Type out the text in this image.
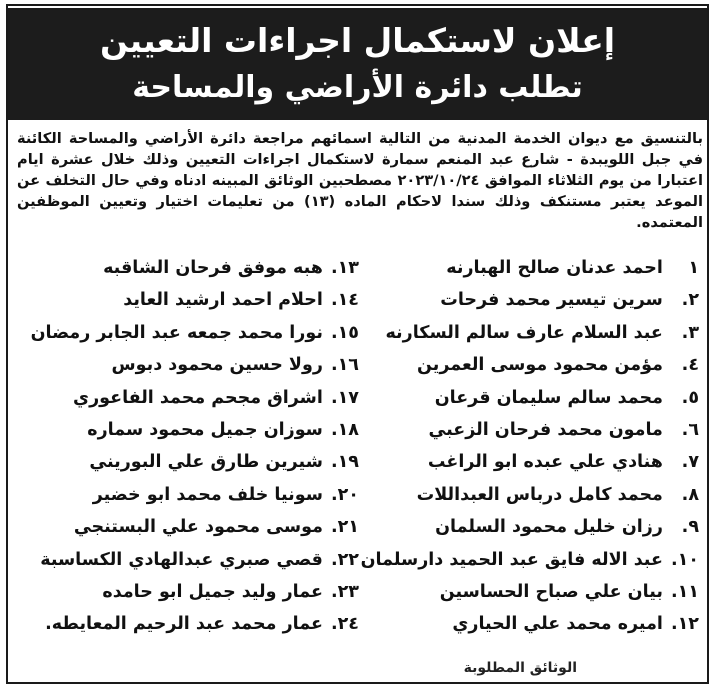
إعلان لاستكمال اجراءات التعيين
تطلب دائرة الأراضي والمساحة

بالتنسيق مع ديوان الخدمة المدنية من التالية اسمائهم مراجعة دائرة الأراضي والمساحة الكائنة في جبل اللويبدة - شارع عبد المنعم سمارة لاستكمال اجراءات التعيين وذلك خلال عشرة ايام اعتبارا من يوم الثلاثاء الموافق ٢٠٢٣/١٠/٢٤ مصطحبين الوثائق المبينه ادناه وفي حال التخلف عن الموعد يعتبر مستنكف وذلك سندا لاحكام الماده (١٣) من تعليمات اختيار وتعيين الموظفين المعتمده.

١ احمد عدنان صالح الهبارنه
٢. سرين تيسير محمد فرحات
٣. عبد السلام عارف سالم السكارنه
٤. مؤمن محمود موسى العمرين
٥. محمد سالم سليمان قرعان
٦. مامون محمد فرحان الزعبي
٧. هنادي علي عبده ابو الراغب
٨. محمد كامل درباس العبداللات
٩. رزان خليل محمود السلمان
١٠. عبد الاله فايق عبد الحميد دارسلمان
١١. بيان علي صباح الحساسين
١٢. اميره محمد علي الحياري
١٣. هبه موفق فرحان الشاقبه
١٤. احلام احمد ارشيد العايد
١٥. نورا محمد جمعه عبد الجابر رمضان
١٦. رولا حسين محمود دبوس
١٧. اشراق مجحم محمد الفاعوري
١٨. سوزان جميل محمود سماره
١٩. شيرين طارق علي البوريني
٢٠. سونيا خلف محمد ابو خضير
٢١. موسى محمود علي البستنجي
٢٢. قصي صبري عبدالهادي الكساسبة
٢٣. عمار وليد جميل ابو حامده
٢٤. عمار محمد عبد الرحيم المعايطه.
الوثائق المطلوبة
